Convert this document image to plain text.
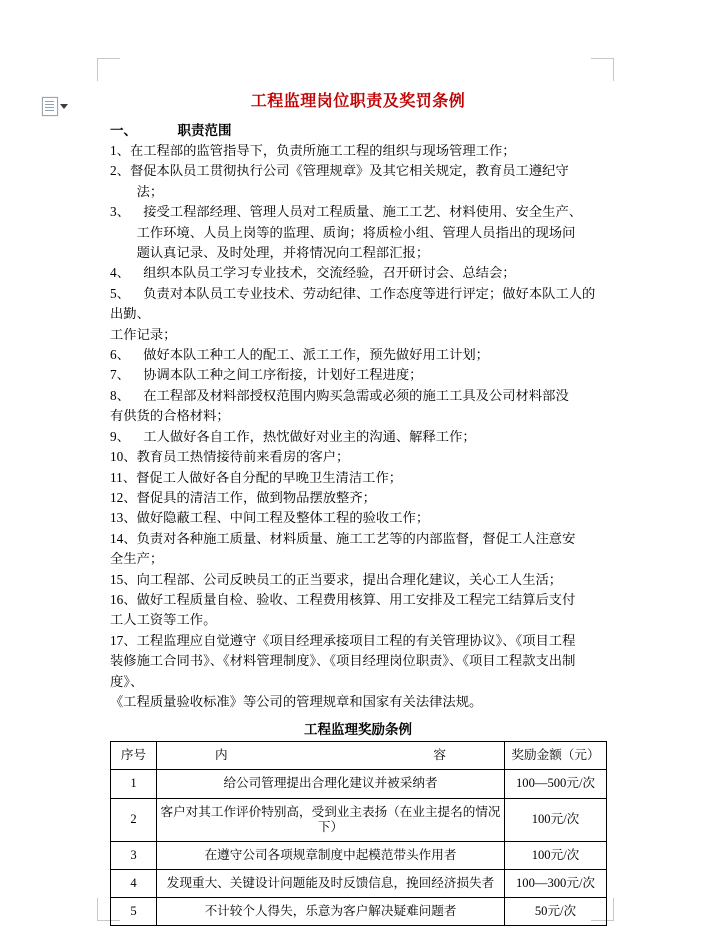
工程监理岗位职责及奖罚条例
一、            职责范围

1、在工程部的监管指导下，负责所施工工程的组织与现场管理工作；

2、督促本队员工贯彻执行公司《管理规章》及其它相关规定，教育员工遵纪守

法；

3、    接受工程部经理、管理人员对工程质量、施工工艺、材料使用、安全生产、

工作环境、人员上岗等的监理、质询；将质检小组、管理人员指出的现场问

题认真记录、及时处理，并将情况向工程部汇报；

4、    组织本队员工学习专业技术，交流经验，召开研讨会、总结会；

5、    负责对本队员工专业技术、劳动纪律、工作态度等进行评定；做好本队工人的出勤、

工作记录；

6、    做好本队工种工人的配工、派工工作，预先做好用工计划；

7、    协调本队工种之间工序衔接，计划好工程进度；

8、    在工程部及材料部授权范围内购买急需或必须的施工工具及公司材料部没

有供货的合格材料；

9、    工人做好各自工作，热忱做好对业主的沟通、解释工作；

10、教育员工热情接待前来看房的客户；

11、督促工人做好各自分配的早晚卫生清洁工作；

12、督促具的清洁工作，做到物品摆放整齐；

13、做好隐蔽工程、中间工程及整体工程的验收工作；

14、负责对各种施工质量、材料质量、施工工艺等的内部监督，督促工人注意安

全生产；

15、向工程部、公司反映员工的正当要求，提出合理化建议，关心工人生活；

16、做好工程质量自检、验收、工程费用核算、用工安排及工程完工结算后支付

工人工资等工作。

17、工程监理应自觉遵守《项目经理承接项目工程的有关管理协议》、《项目工程

装修施工合同书》、《材料管理制度》、《项目经理岗位职责》、《项目工程款支出制度》、

《工程质量验收标准》等公司的管理规章和国家有关法律法规。

工程监理奖励条例
序号	内 容	奖励金额（元）
1	给公司管理提出合理化建议并被采纳者	100—500元/次
2	客户对其工作评价特别高，受到业主表扬（在业主提名的情况下）	100元/次
3	在遵守公司各项规章制度中起模范带头作用者	100元/次
4	发现重大、关键设计问题能及时反馈信息，挽回经济损失者	100—300元/次
5	不计较个人得失，乐意为客户解决疑难问题者	50元/次
